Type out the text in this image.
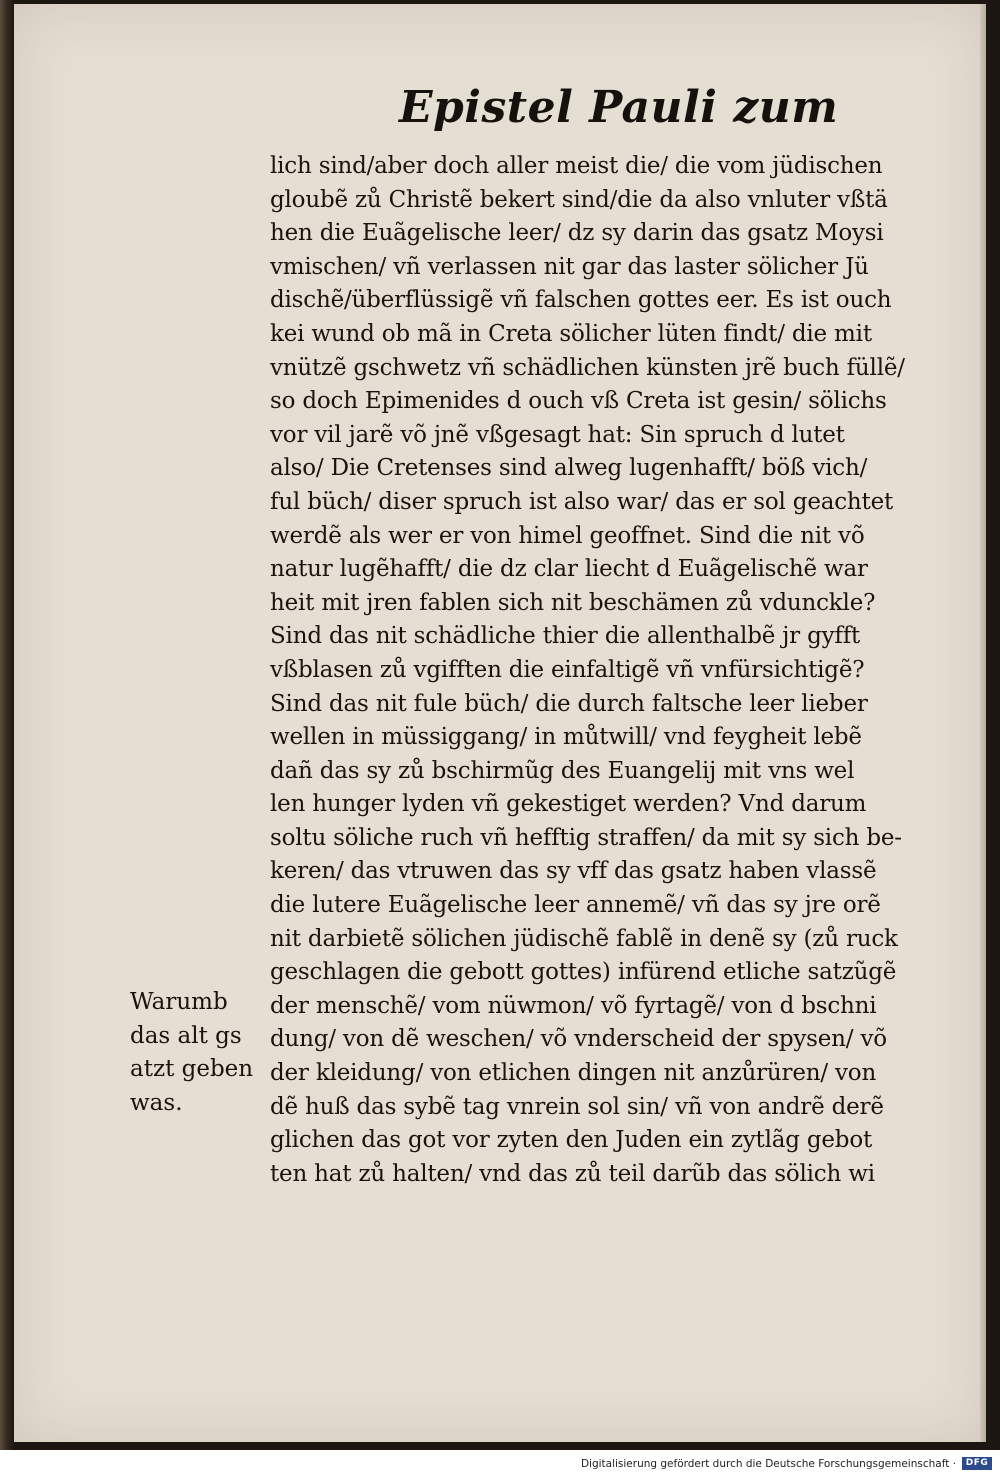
Epistel Pauli zum
lich sind/aber doch aller meist die/ die vom jüdischen
gloubẽ zů Christẽ bekert sind/die da also vnluter vßtä
hen die Euãgelische leer/ dz sy darin das gsatz Moysi
vmischen/ vñ verlassen nit gar das laster sölicher Jü
dischẽ/überflüssigẽ vñ falschen gottes eer. Es ist ouch
kei wund ob mã in Creta sölicher lüten findt/ die mit
vnützẽ gschwetz vñ schädlichen künsten jrẽ buch füllẽ/
so doch Epimenides d ouch vß Creta ist gesin/ sölichs
vor vil jarẽ võ jnẽ vßgesagt hat: Sin spruch d lutet
also/ Die Cretenses sind alweg lugenhafft/ böß vich/
ful büch/ diser spruch ist also war/ das er sol geachtet
werdẽ als wer er von himel geoffnet. Sind die nit võ
natur lugẽhafft/ die dz clar liecht d Euãgelischẽ war
heit mit jren fablen sich nit beschämen zů vdunckle?
Sind das nit schädliche thier die allenthalbẽ jr gyfft
vßblasen zů vgifften die einfaltigẽ vñ vnfürsichtigẽ?
Sind das nit fule büch/ die durch faltsche leer lieber
wellen in müssiggang/ in můtwill/ vnd feygheit lebẽ
dañ das sy zů bschirmũg des Euangelij mit vns wel
len hunger lyden vñ gekestiget werden? Vnd darum
soltu söliche ruch vñ hefftig straffen/ da mit sy sich be-
keren/ das vtruwen das sy vff das gsatz haben vlassẽ
die lutere Euãgelische leer annemẽ/ vñ das sy jre orẽ
nit darbietẽ sölichen jüdischẽ fablẽ in denẽ sy (zů ruck
geschlagen die gebott gottes) infürend etliche satzũgẽ
der menschẽ/ vom nüwmon/ võ fyrtagẽ/ von d bschni
dung/ von dẽ weschen/ võ vnderscheid der spysen/ võ
der kleidung/ von etlichen dingen nit anzůrüren/ von
dẽ huß das sybẽ tag vnrein sol sin/ vñ von andrẽ derẽ
glichen das got vor zyten den Juden ein zytlãg gebot
ten hat zů halten/ vnd das zů teil darũb das sölich wi
Warumb
das alt gs
atzt geben
was.
Digitalisierung gefördert durch die Deutsche Forschungsgemeinschaft ·	DFG
